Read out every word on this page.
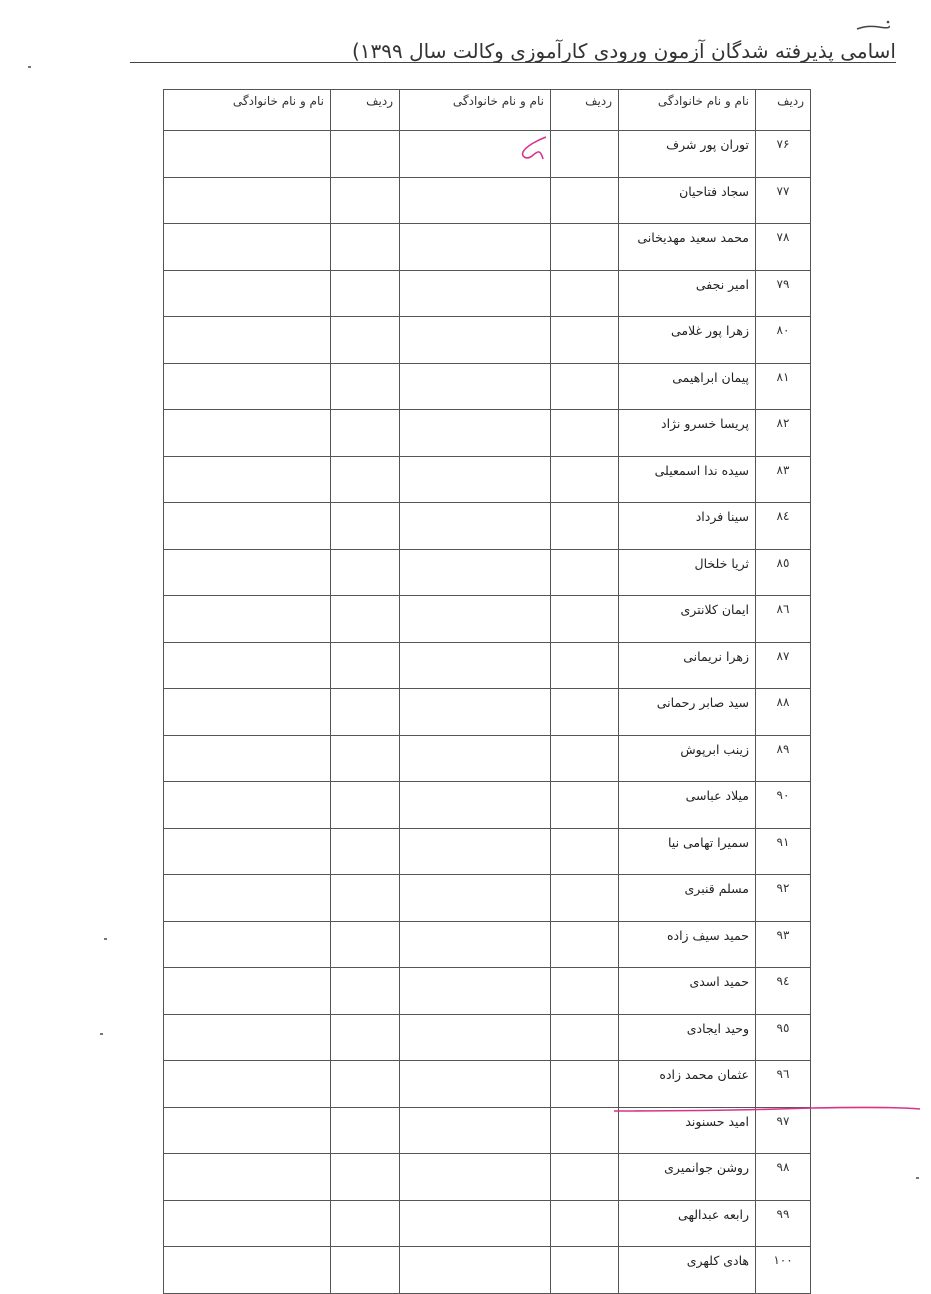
اسامی پذیرفته شدگان آزمون ورودی کارآموزی وکالت سال ۱۳۹۹)
ردیف	نام و نام خانوادگی	ردیف	نام و نام خانوادگی	ردیف	نام و نام خانوادگی
۷۶	توران پور شرف				
۷۷	سجاد فتاحیان				
۷۸	محمد سعید مهدیخانی				
۷۹	امیر نجفی				
۸۰	زهرا پور غلامی				
۸۱	پیمان ابراهیمی				
۸۲	پریسا خسرو نژاد				
۸۳	سیده ندا اسمعیلی				
۸٤	سینا فرداد				
۸٥	ثریا خلخال				
۸٦	ایمان کلانتری				
۸۷	زهرا نریمانی				
۸۸	سید صابر رحمانی				
۸۹	زینب ابرپوش				
۹۰	میلاد عباسی				
۹۱	سمیرا تهامی نیا				
۹۲	مسلم قنبری				
۹۳	حمید سیف زاده				
۹٤	حمید اسدی				
۹٥	وحید ایجادی				
۹٦	عثمان محمد زاده				
۹۷	امید حسنوند				
۹۸	روشن جوانمیری				
۹۹	رابعه عبدالهی				
۱۰۰	هادی کلهری				
